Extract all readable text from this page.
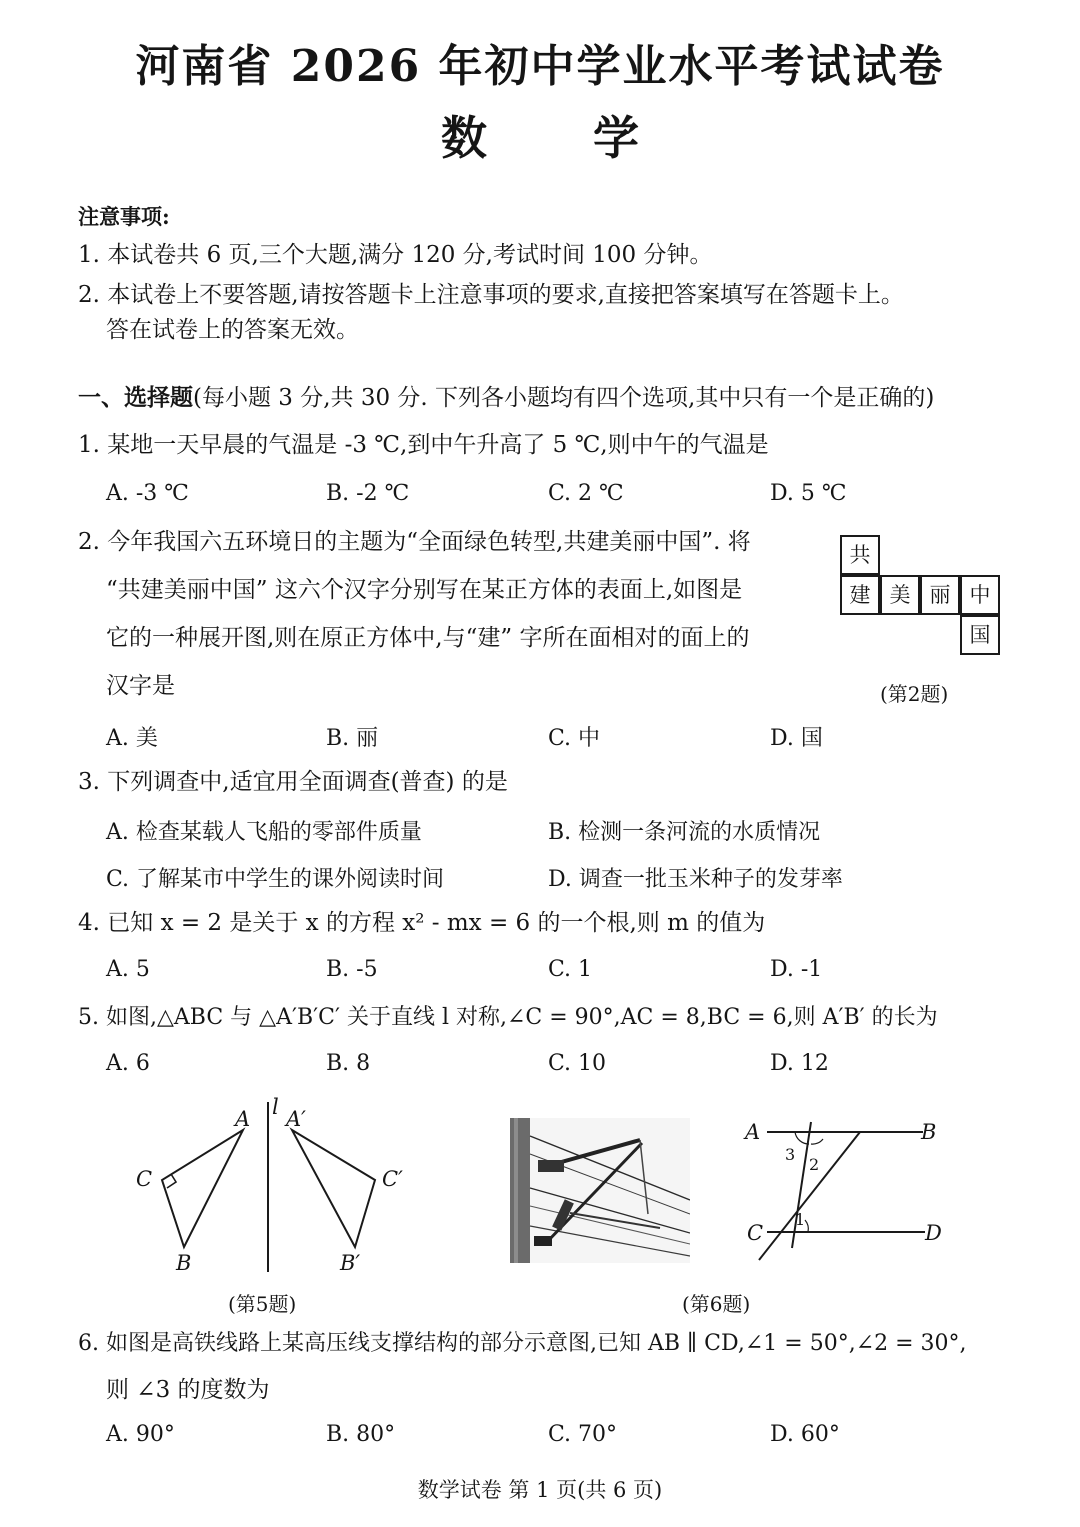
河南省 2026 年初中学业水平考试试卷
数 学
注意事项:
1. 本试卷共 6 页,三个大题,满分 120 分,考试时间 100 分钟。
2. 本试卷上不要答题,请按答题卡上注意事项的要求,直接把答案填写在答题卡上。
答在试卷上的答案无效。
一、选择题(每小题 3 分,共 30 分. 下列各小题均有四个选项,其中只有一个是正确的)
1. 某地一天早晨的气温是 -3 ℃,到中午升高了 5 ℃,则中午的气温是
A. -3 ℃	B. -2 ℃	C. 2 ℃	D. 5 ℃
2. 今年我国六五环境日的主题为“全面绿色转型,共建美丽中国”. 将
“共建美丽中国” 这六个汉字分别写在某正方体的表面上,如图是
它的一种展开图,则在原正方体中,与“建” 字所在面相对的面上的
汉字是
共
建 美 丽 中
国
(第2题)
A. 美	B. 丽	C. 中	D. 国
3. 下列调查中,适宜用全面调查(普查) 的是
A. 检查某载人飞船的零部件质量	B. 检测一条河流的水质情况
C. 了解某市中学生的课外阅读时间	D. 调查一批玉米种子的发芽率
4. 已知 x = 2 是关于 x 的方程 x² - mx = 6 的一个根,则 m 的值为
A. 5	B. -5	C. 1	D. -1
5. 如图,△ABC 与 △A′B′C′ 关于直线 l 对称,∠C = 90°,AC = 8,BC = 6,则 A′B′ 的长为
A. 6	B. 8	C. 10	D. 12
A
B
C
l A′
B′
C′
(第5题)
A	B
C	D
1
2
3
(第6题)
6. 如图是高铁线路上某高压线支撑结构的部分示意图,已知 AB ∥ CD,∠1 = 50°,∠2 = 30°,
则 ∠3 的度数为
A. 90°	B. 80°	C. 70°	D. 60°
数学试卷 第 1 页(共 6 页)
